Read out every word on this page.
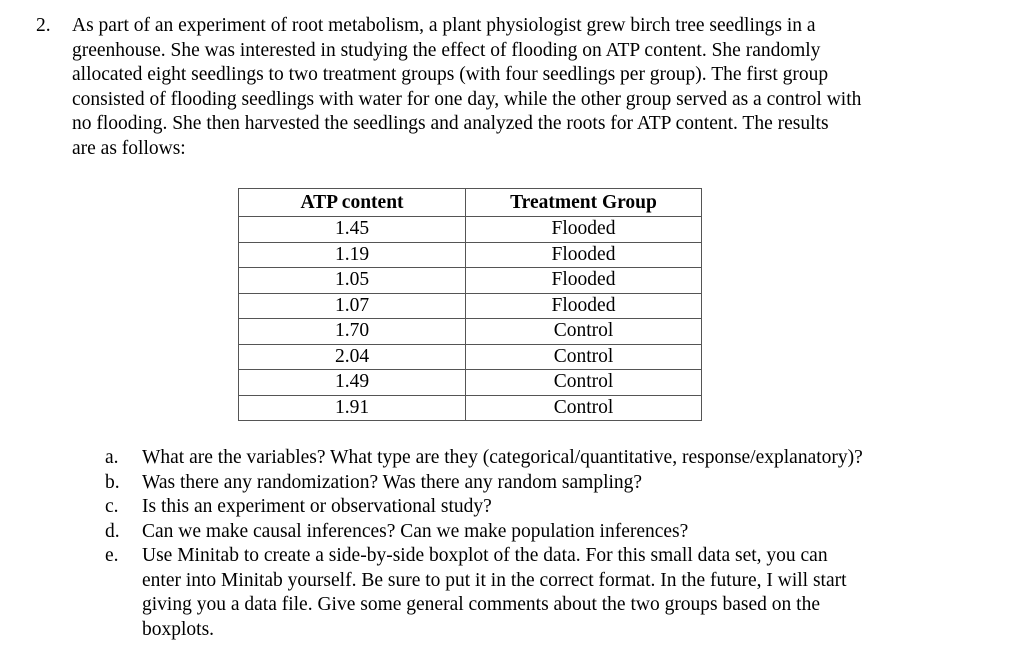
2. As part of an experiment of root metabolism, a plant physiologist grew birch tree seedlings in a
greenhouse. She was interested in studying the effect of flooding on ATP content. She randomly
allocated eight seedlings to two treatment groups (with four seedlings per group). The first group
consisted of flooding seedlings with water for one day, while the other group served as a control with
no flooding. She then harvested the seedlings and analyzed the roots for ATP content. The results
are as follows:

ATP content	Treatment Group
1.45	Flooded
1.19	Flooded
1.05	Flooded
1.07	Flooded
1.70	Control
2.04	Control
1.49	Control
1.91	Control
a. What are the variables? What type are they (categorical/quantitative, response/explanatory)?
b. Was there any randomization? Was there any random sampling?
c. Is this an experiment or observational study?
d. Can we make causal inferences? Can we make population inferences?
e. Use Minitab to create a side-by-side boxplot of the data. For this small data set, you can
enter into Minitab yourself. Be sure to put it in the correct format. In the future, I will start
giving you a data file. Give some general comments about the two groups based on the
boxplots.
